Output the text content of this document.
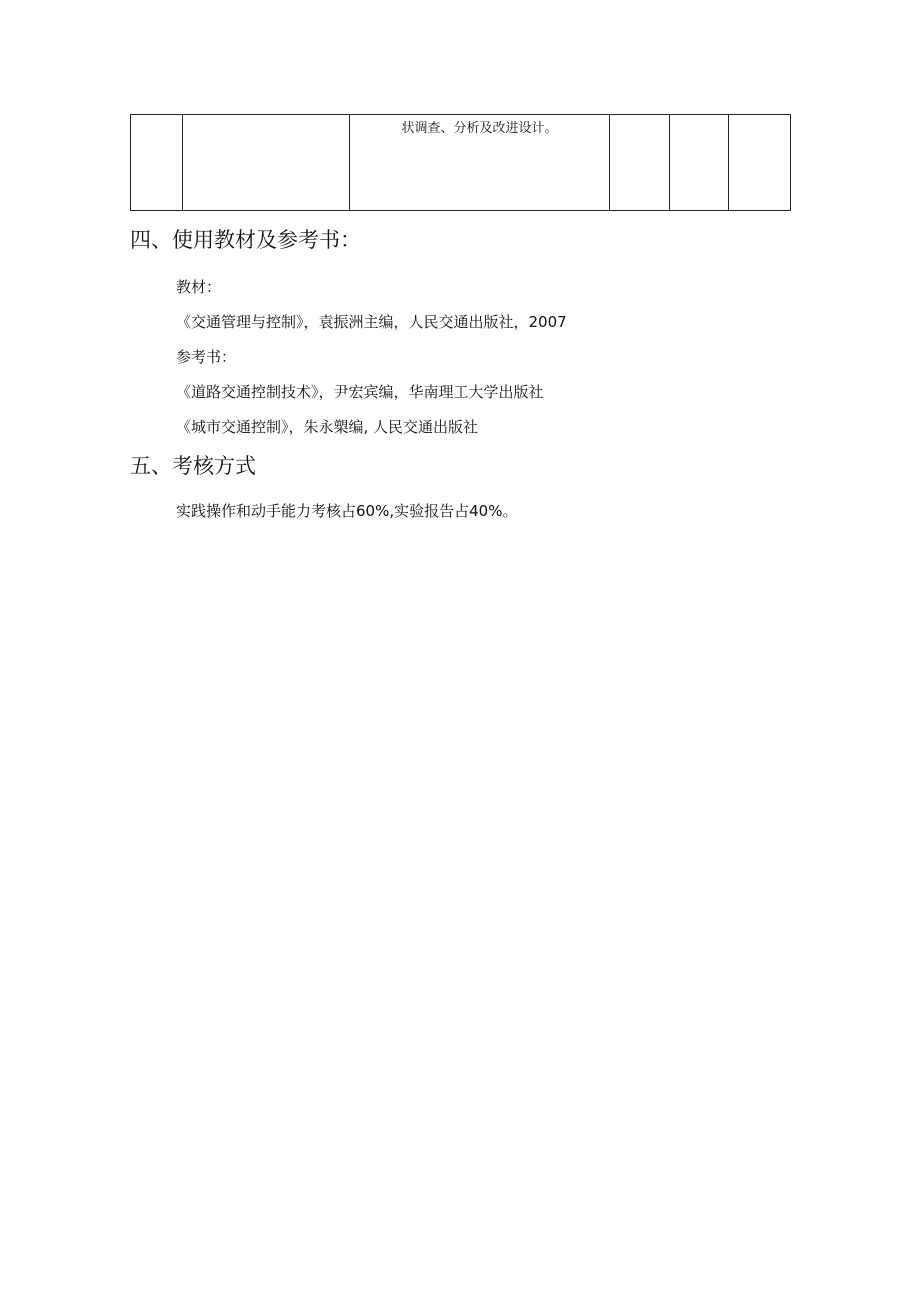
		状调查、分析及改进设计。			
四、使用教材及参考书：

教材：

《交通管理与控制》，袁振洲主编，人民交通出版社，2007

参考书：

《道路交通控制技术》，尹宏宾编，华南理工大学出版社

《城市交通控制》，朱永槊编, 人民交通出版社

五、考核方式

实践操作和动手能力考核占60%,实验报告占40%。
